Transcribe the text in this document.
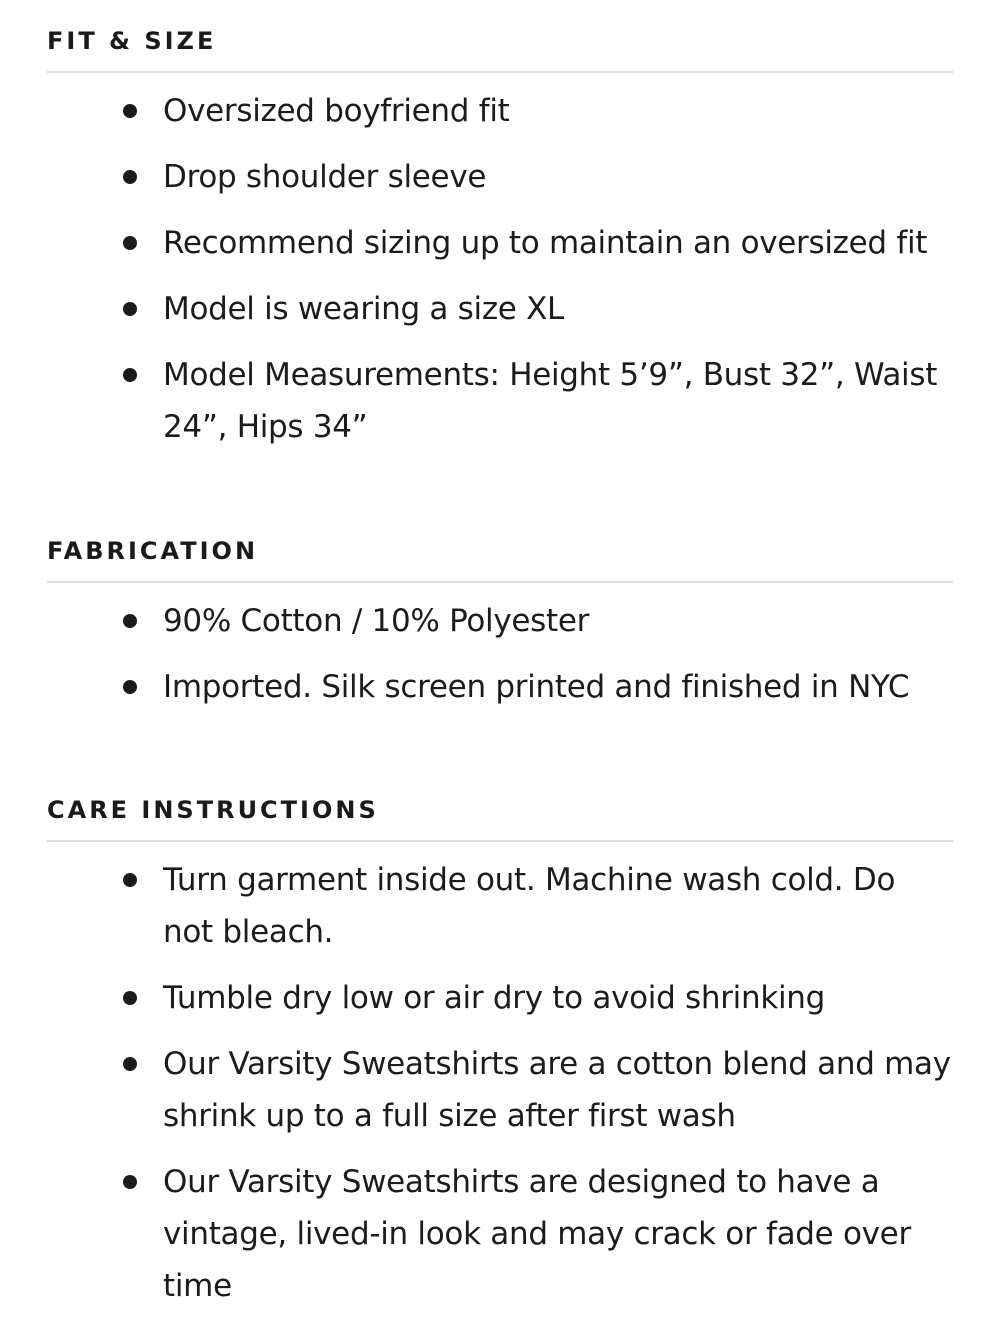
FIT & SIZE
Oversized boyfriend fit
Drop shoulder sleeve
Recommend sizing up to maintain an oversized fit
Model is wearing a size XL
Model Measurements: Height 5’9”, Bust 32”, Waist 24”, Hips 34”
FABRICATION
90% Cotton / 10% Polyester
Imported. Silk screen printed and finished in NYC
CARE INSTRUCTIONS
Turn garment inside out. Machine wash cold. Do not bleach.
Tumble dry low or air dry to avoid shrinking
Our Varsity Sweatshirts are a cotton blend and may shrink up to a full size after first wash
Our Varsity Sweatshirts are designed to have a vintage, lived-in look and may crack or fade over time
